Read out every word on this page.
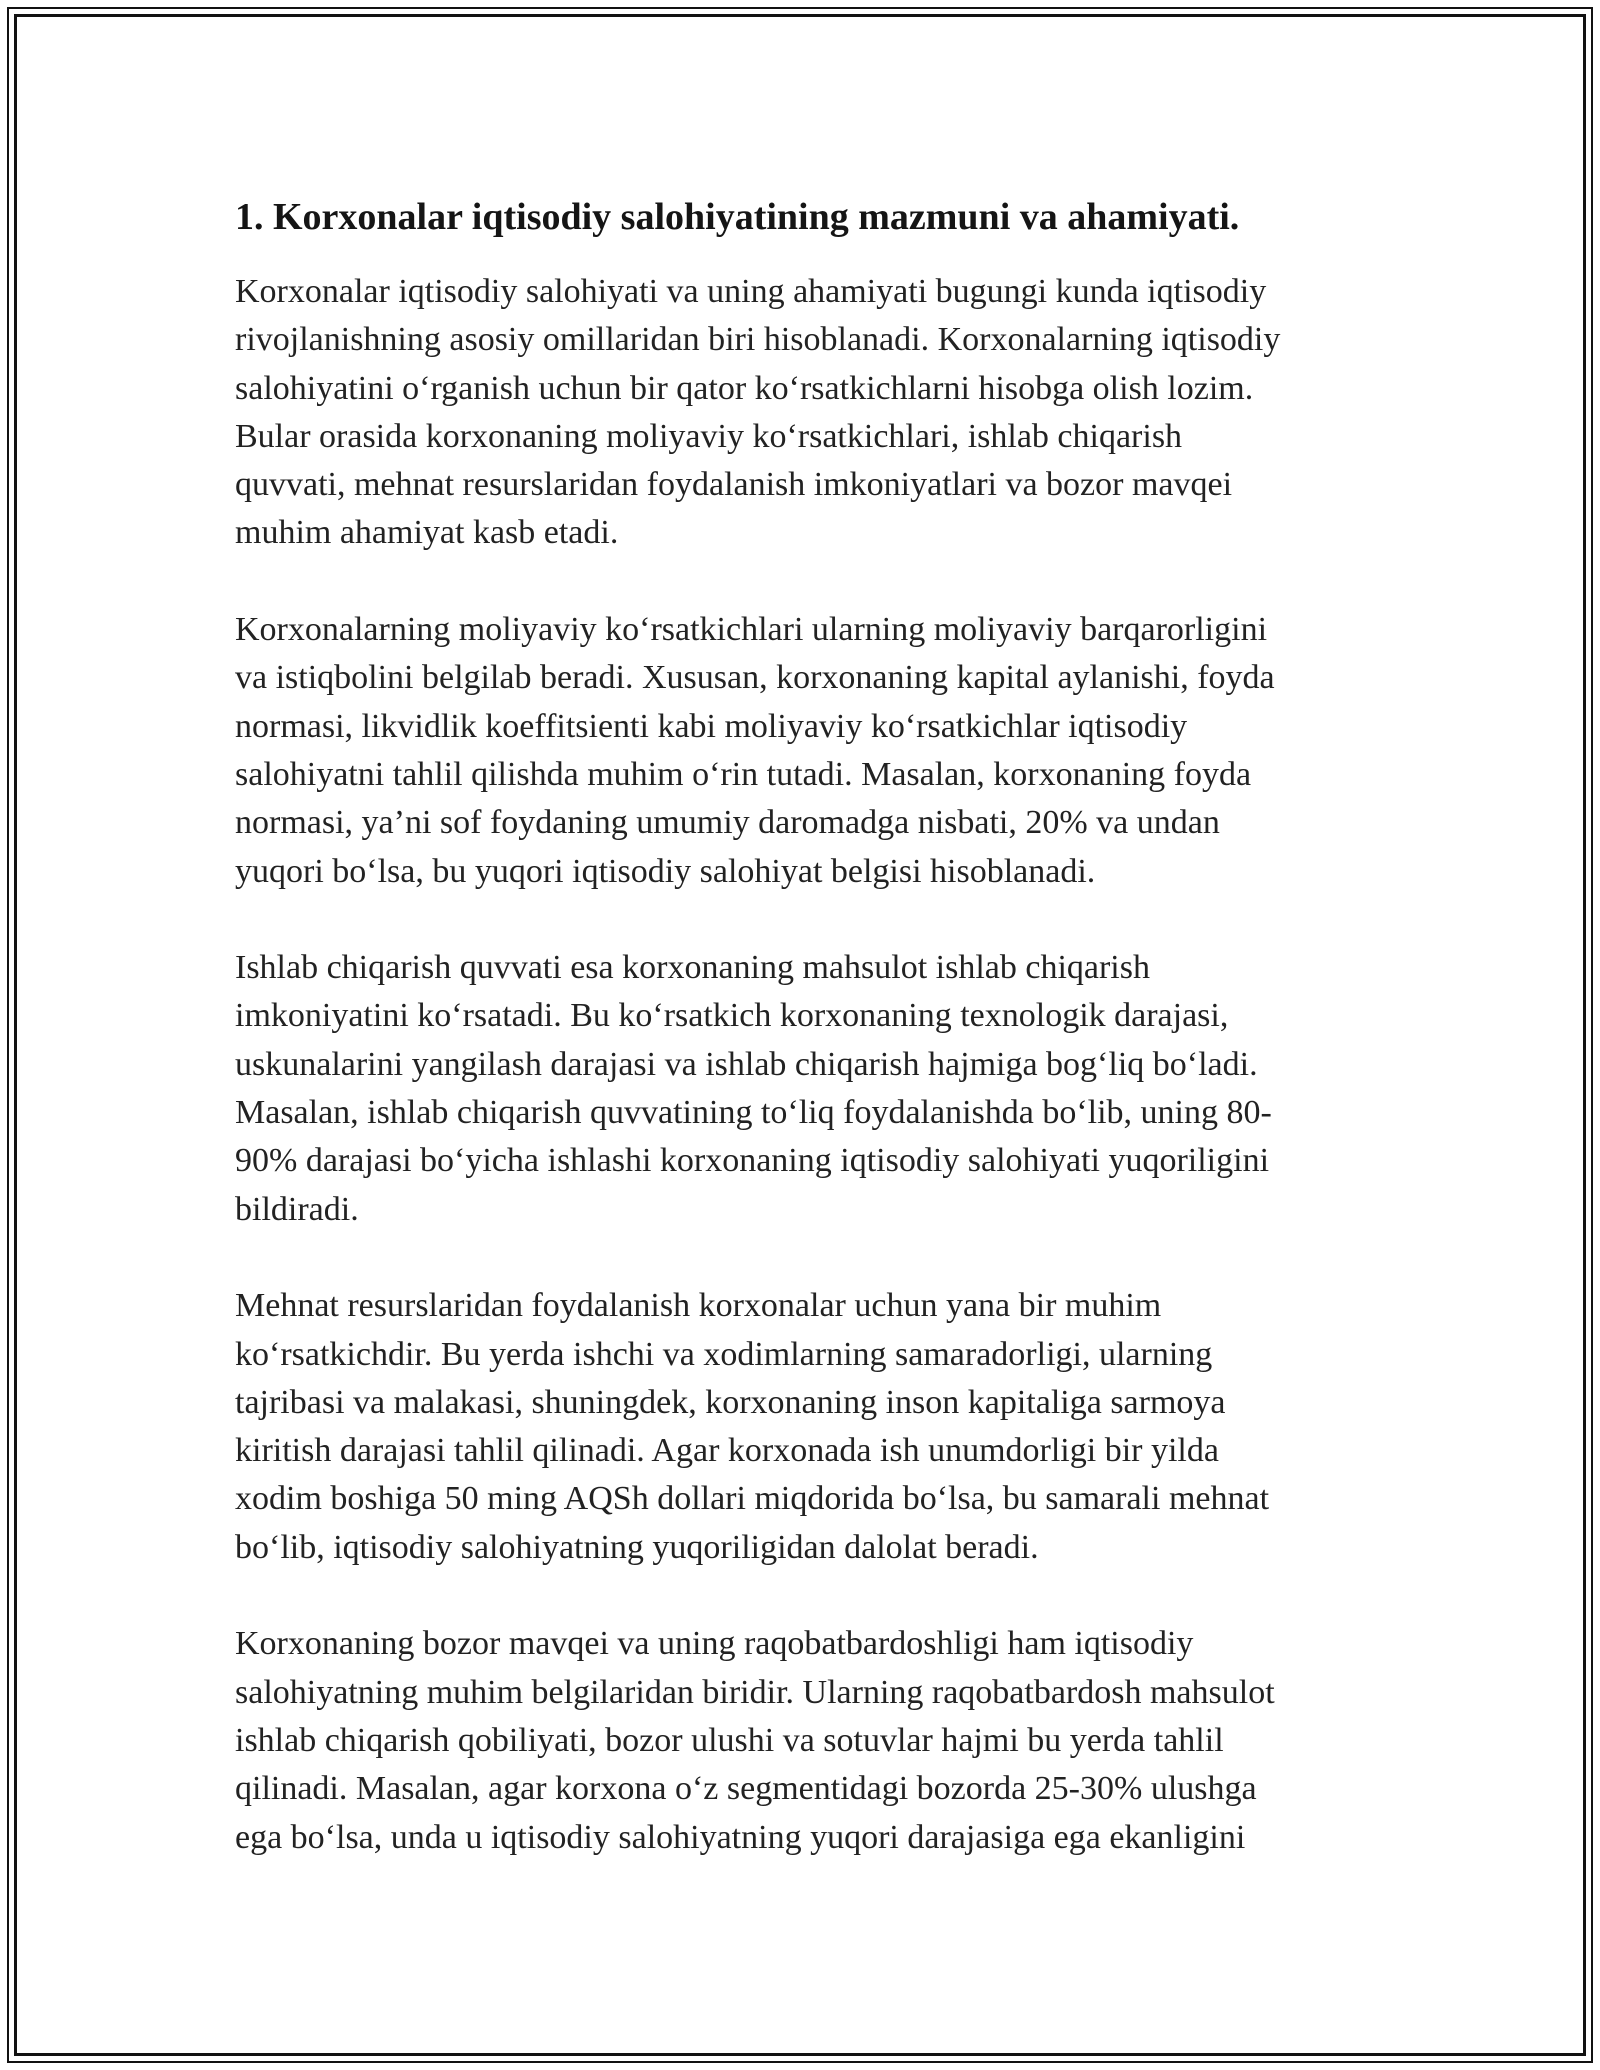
1. Korxonalar iqtisodiy salohiyatining mazmuni va ahamiyati.

Korxonalar iqtisodiy salohiyati va uning ahamiyati bugungi kunda iqtisodiy
rivojlanishning asosiy omillaridan biri hisoblanadi. Korxonalarning iqtisodiy
salohiyatini o‘rganish uchun bir qator ko‘rsatkichlarni hisobga olish lozim.
Bular orasida korxonaning moliyaviy ko‘rsatkichlari, ishlab chiqarish
quvvati, mehnat resurslaridan foydalanish imkoniyatlari va bozor mavqei
muhim ahamiyat kasb etadi.

Korxonalarning moliyaviy ko‘rsatkichlari ularning moliyaviy barqarorligini
va istiqbolini belgilab beradi. Xususan, korxonaning kapital aylanishi, foyda
normasi, likvidlik koeffitsienti kabi moliyaviy ko‘rsatkichlar iqtisodiy
salohiyatni tahlil qilishda muhim o‘rin tutadi. Masalan, korxonaning foyda
normasi, ya’ni sof foydaning umumiy daromadga nisbati, 20% va undan
yuqori bo‘lsa, bu yuqori iqtisodiy salohiyat belgisi hisoblanadi.

Ishlab chiqarish quvvati esa korxonaning mahsulot ishlab chiqarish
imkoniyatini ko‘rsatadi. Bu ko‘rsatkich korxonaning texnologik darajasi,
uskunalarini yangilash darajasi va ishlab chiqarish hajmiga bog‘liq bo‘ladi.
Masalan, ishlab chiqarish quvvatining to‘liq foydalanishda bo‘lib, uning 80-
90% darajasi bo‘yicha ishlashi korxonaning iqtisodiy salohiyati yuqoriligini
bildiradi.

Mehnat resurslaridan foydalanish korxonalar uchun yana bir muhim
ko‘rsatkichdir. Bu yerda ishchi va xodimlarning samaradorligi, ularning
tajribasi va malakasi, shuningdek, korxonaning inson kapitaliga sarmoya
kiritish darajasi tahlil qilinadi. Agar korxonada ish unumdorligi bir yilda
xodim boshiga 50 ming AQSh dollari miqdorida bo‘lsa, bu samarali mehnat
bo‘lib, iqtisodiy salohiyatning yuqoriligidan dalolat beradi.

Korxonaning bozor mavqei va uning raqobatbardoshligi ham iqtisodiy
salohiyatning muhim belgilaridan biridir. Ularning raqobatbardosh mahsulot
ishlab chiqarish qobiliyati, bozor ulushi va sotuvlar hajmi bu yerda tahlil
qilinadi. Masalan, agar korxona o‘z segmentidagi bozorda 25-30% ulushga
ega bo‘lsa, unda u iqtisodiy salohiyatning yuqori darajasiga ega ekanligini
